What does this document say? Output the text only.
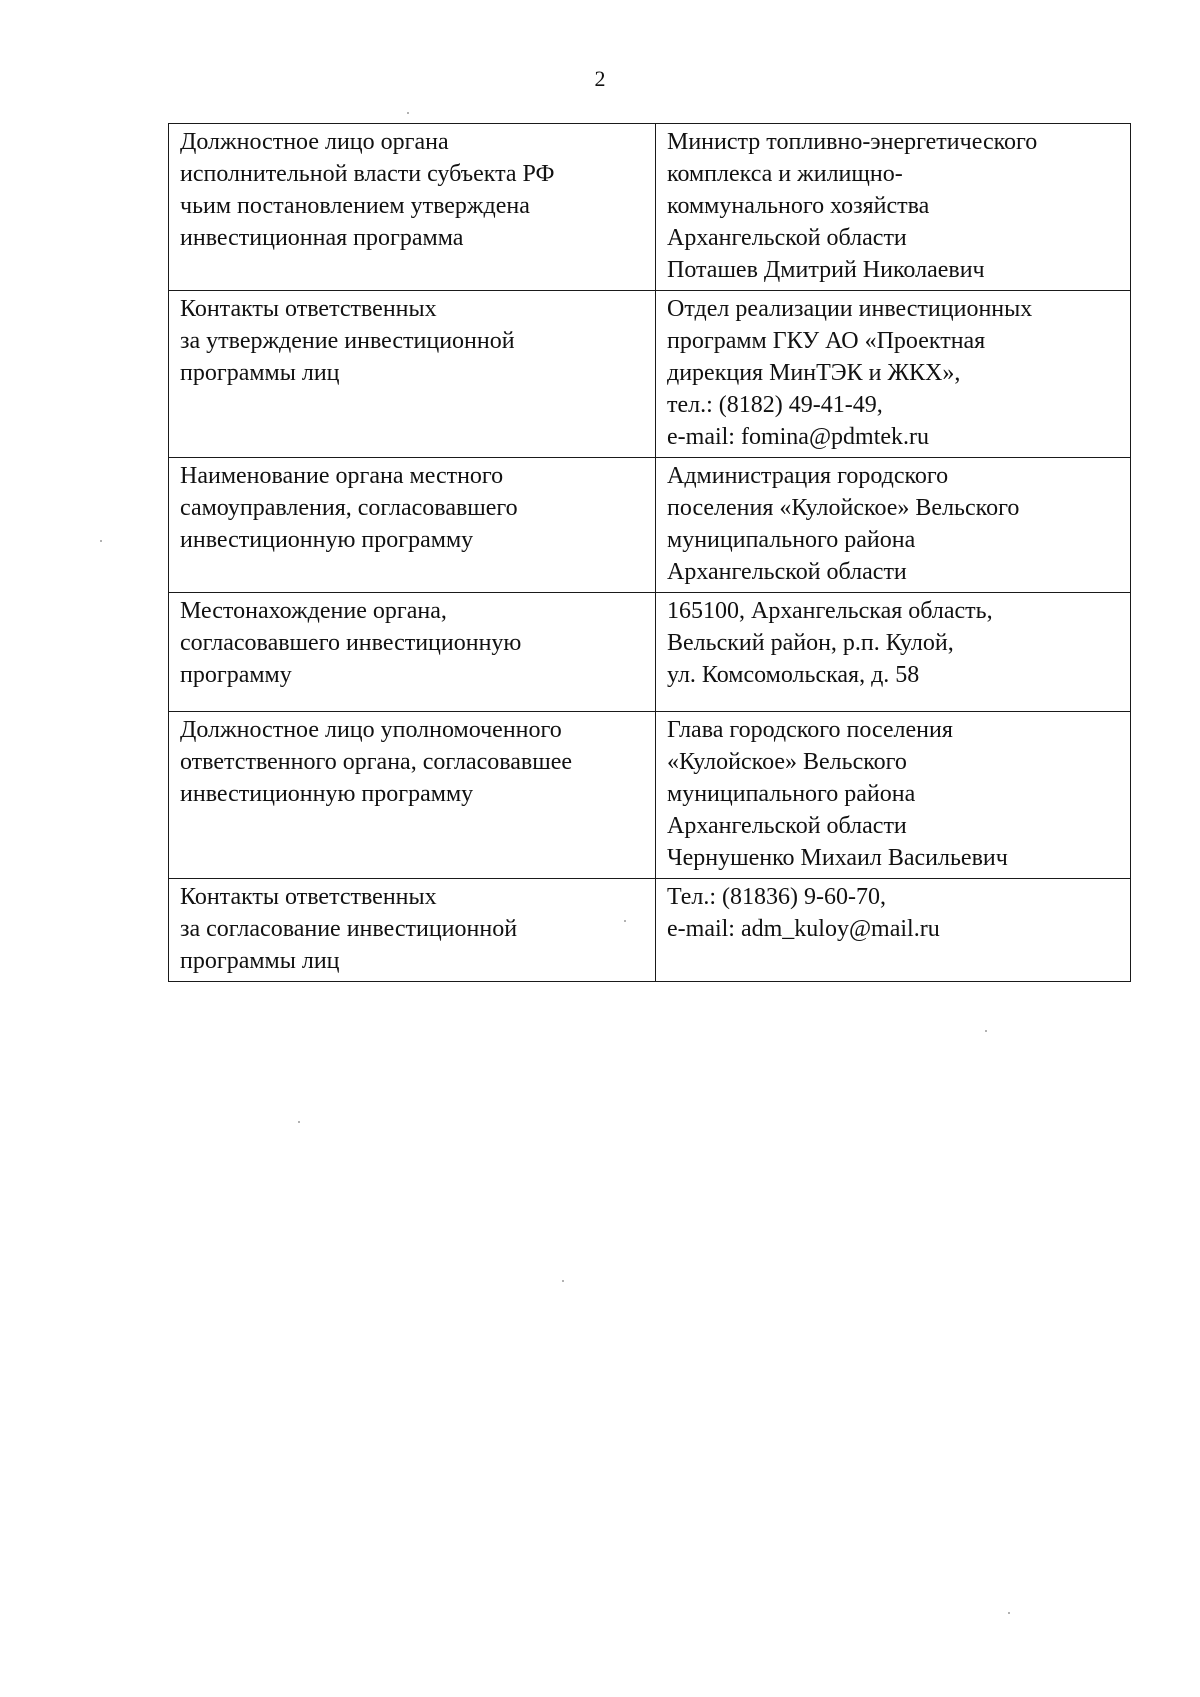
2
Должностное лицо органа
исполнительной власти субъекта РФ
чьим постановлением утверждена
инвестиционная программа	Министр топливно-энергетического
комплекса и жилищно-
коммунального хозяйства
Архангельской области
Поташев Дмитрий Николаевич

Контакты ответственных
за утверждение инвестиционной
программы лиц	Отдел реализации инвестиционных
программ ГКУ АО «Проектная
дирекция МинТЭК и ЖКХ»,
тел.: (8182) 49-41-49,
e-mail: fomina@pdmtek.ru

Наименование органа местного
самоуправления, согласовавшего
инвестиционную программу	Администрация городского
поселения «Кулойское» Вельского
муниципального района
Архангельской области

Местонахождение органа,
согласовавшего инвестиционную
программу	165100, Архангельская область,
Вельский район, р.п. Кулой,
ул. Комсомольская, д. 58

Должностное лицо уполномоченного
ответственного органа, согласовавшее
инвестиционную программу	Глава городского поселения
«Кулойское» Вельского
муниципального района
Архангельской области
Чернушенко Михаил Васильевич

Контакты ответственных
за согласование инвестиционной
программы лиц	Тел.: (81836) 9-60-70,
e-mail: adm_kuloy@mail.ru
